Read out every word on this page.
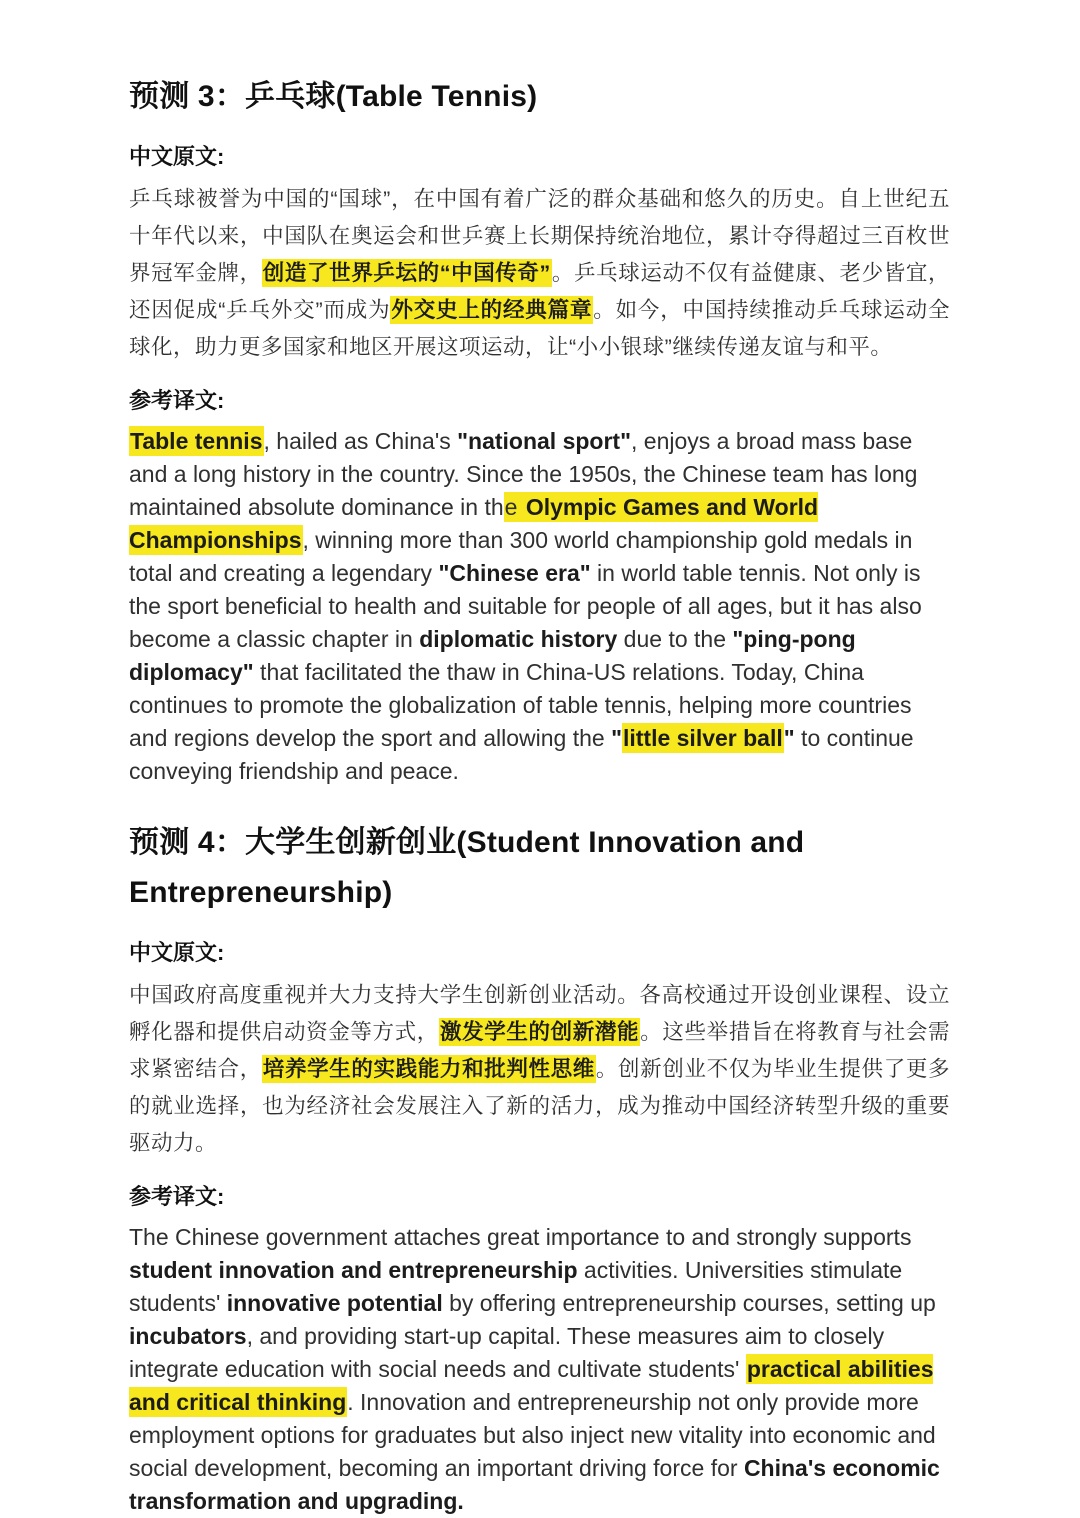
预测 3：乒乓球(Table Tennis)
中文原文:

乒乓球被誉为中国的“国球”，在中国有着广泛的群众基础和悠久的历史。自上世纪五十年代以来，中国队在奥运会和世乒赛上长期保持统治地位，累计夺得超过三百枚世界冠军金牌，创造了世界乒坛的“中国传奇”。乒乓球运动不仅有益健康、老少皆宜，还因促成“乒乓外交”而成为外交史上的经典篇章。如今，中国持续推动乒乓球运动全球化，助力更多国家和地区开展这项运动，让“小小银球”继续传递友谊与和平。

参考译文:

Table tennis, hailed as China's "national sport", enjoys a broad mass base and a long history in the country. Since the 1950s, the Chinese team has long maintained absolute dominance in the Olympic Games and World Championships, winning more than 300 world championship gold medals in total and creating a legendary "Chinese era" in world table tennis. Not only is the sport beneficial to health and suitable for people of all ages, but it has also become a classic chapter in diplomatic history due to the "ping-pong diplomacy" that facilitated the thaw in China-US relations. Today, China continues to promote the globalization of table tennis, helping more countries and regions develop the sport and allowing the "little silver ball" to continue conveying friendship and peace.

预测 4：大学生创新创业(Student Innovation and Entrepreneurship)
中文原文:

中国政府高度重视并大力支持大学生创新创业活动。各高校通过开设创业课程、设立孵化器和提供启动资金等方式，激发学生的创新潜能。这些举措旨在将教育与社会需求紧密结合，培养学生的实践能力和批判性思维。创新创业不仅为毕业生提供了更多的就业选择，也为经济社会发展注入了新的活力，成为推动中国经济转型升级的重要驱动力。

参考译文:

The Chinese government attaches great importance to and strongly supports student innovation and entrepreneurship activities. Universities stimulate students' innovative potential by offering entrepreneurship courses, setting up incubators, and providing start-up capital. These measures aim to closely integrate education with social needs and cultivate students' practical abilities and critical thinking. Innovation and entrepreneurship not only provide more employment options for graduates but also inject new vitality into economic and social development, becoming an important driving force for China's economic transformation and upgrading.
